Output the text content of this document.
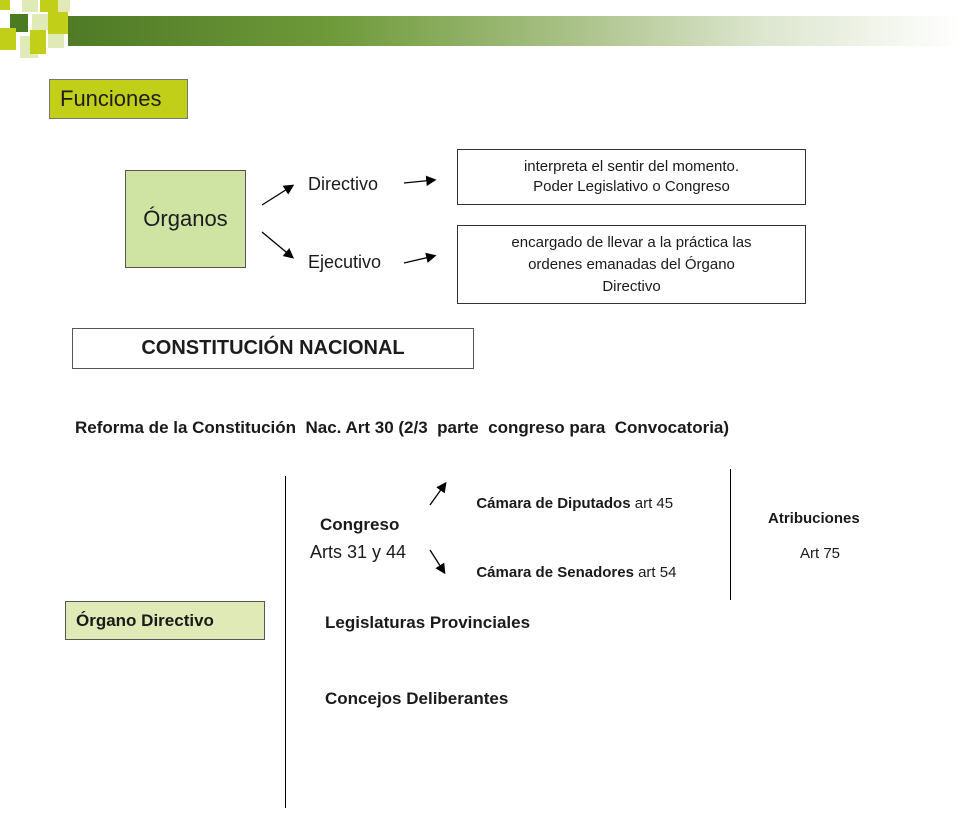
Funciones
Órganos
Directivo
Ejecutivo
interpreta el sentir del momento.
Poder Legislativo o Congreso
encargado de llevar a la práctica las
ordenes emanadas del Órgano
Directivo
CONSTITUCIÓN NACIONAL
Reforma de la Constitución  Nac. Art 30 (2/3  parte  congreso para  Convocatoria)
Órgano Directivo
Congreso
Arts 31 y 44

Cámara de Diputados art 45

Cámara de Senadores art 54

Atribuciones
Art 75
Legislaturas Provinciales
Concejos Deliberantes
